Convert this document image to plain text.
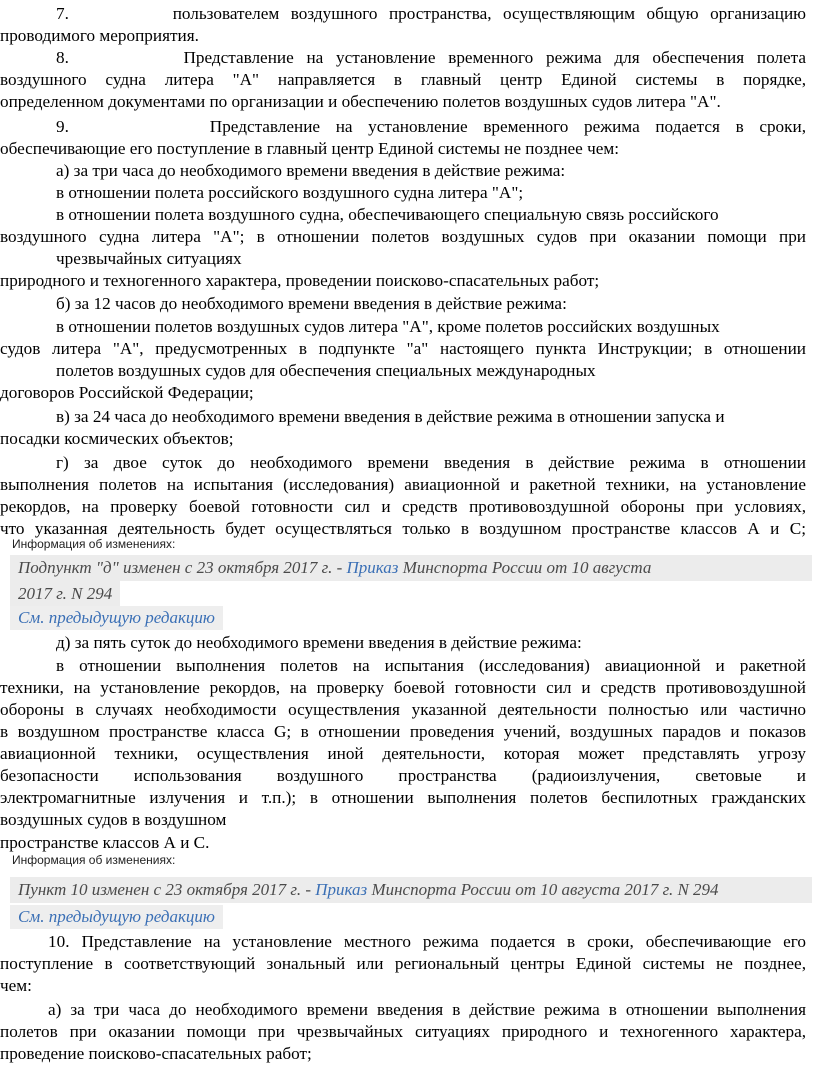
7.         пользователем воздушного пространства, осуществляющим общую организацию
проводимого мероприятия.
8.         Представление на установление временного режима для обеспечения полета
воздушного судна литера "А" направляется в главный центр Единой системы в порядке,
определенном документами по организации и обеспечению полетов воздушных судов литера "А".
9.         Представление на установление временного режима подается в сроки,
обеспечивающие его поступление в главный центр Единой системы не позднее чем:
а) за три часа до необходимого времени введения в действие режима:
в отношении полета российского воздушного судна литера "А";
в отношении полета воздушного судна, обеспечивающего специальную связь российского
воздушного судна литера "А"; в отношении полетов воздушных судов при оказании помощи при
чрезвычайных ситуациях
природного и техногенного характера, проведении поисково-спасательных работ;
б) за 12 часов до необходимого времени введения в действие режима:
в отношении полетов воздушных судов литера "А", кроме полетов российских воздушных
судов литера "А", предусмотренных в подпункте "а" настоящего пункта Инструкции; в отношении
полетов воздушных судов для обеспечения специальных международных
договоров Российской Федерации;
в) за 24 часа до необходимого времени введения в действие режима в отношении запуска и
посадки космических объектов;
г) за двое суток до необходимого времени введения в действие режима в отношении
выполнения полетов на испытания (исследования) авиационной и ракетной техники, на установление
рекордов, на проверку боевой готовности сил и средств противовоздушной обороны при условиях,
что указанная деятельность будет осуществляться только в воздушном пространстве классов А и С;
Информация об изменениях:
Подпункт "д" изменен с 23 октября 2017 г. - Приказ Минспорта России от 10 августа
2017 г. N 294
См. предыдущую редакцию
д) за пять суток до необходимого времени введения в действие режима:
в отношении выполнения полетов на испытания (исследования) авиационной и ракетной
техники, на установление рекордов, на проверку боевой готовности сил и средств противовоздушной
обороны в случаях необходимости осуществления указанной деятельности полностью или частично
в воздушном пространстве класса G; в отношении проведения учений, воздушных парадов и показов
авиационной техники, осуществления иной деятельности, которая может представлять угрозу
безопасности использования воздушного пространства (радиоизлучения, световые и
электромагнитные излучения и т.п.); в отношении выполнения полетов беспилотных гражданских
воздушных судов в воздушном
пространстве классов А и С.
Информация об изменениях:
Пункт 10 изменен с 23 октября 2017 г. - Приказ Минспорта России от 10 августа 2017 г. N 294
См. предыдущую редакцию
10. Представление на установление местного режима подается в сроки, обеспечивающие его
поступление в соответствующий зональный или региональный центры Единой системы не позднее,
чем:
а) за три часа до необходимого времени введения в действие режима в отношении выполнения
полетов при оказании помощи при чрезвычайных ситуациях природного и техногенного характера,
проведение поисково-спасательных работ;
